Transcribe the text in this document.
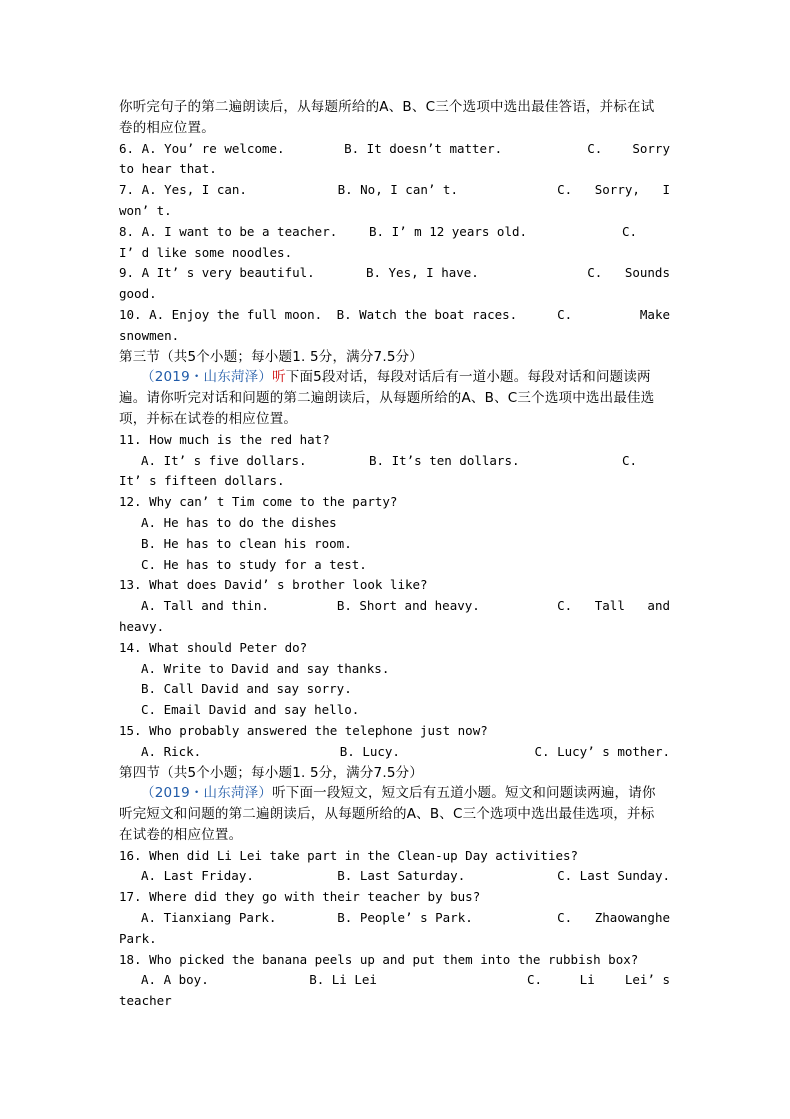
你听完句子的第二遍朗读后，从每题所给的A、B、C三个选项中选出最佳答语，并标在试
卷的相应位置。
6. A. You’ re welcome.	B. It doesn’t matter.	C.    Sorry
to hear that.
7. A. Yes, I can.	B. No, I can’ t.	C.   Sorry,   I
won’ t.
8. A. I want to be a teacher.	B. I’ m 12 years old.	C.
I’ d like some noodles.
9. A It’ s very beautiful.	B. Yes, I have.	C.   Sounds
good.
10. A. Enjoy the full moon.	B. Watch the boat races.	C.         Make
snowmen.
第三节（共5个小题；每小题1. 5分，满分7.5分）
（2019・山东菏泽）听下面5段对话，每段对话后有一道小题。每段对话和问题读两
遍。请你听完对话和问题的第二遍朗读后，从每题所给的A、B、C三个选项中选出最佳选
项，并标在试卷的相应位置。
11. How much is the red hat?
A. It’ s five dollars.	B. It’s ten dollars.	C.
It’ s fifteen dollars.
12. Why can’ t Tim come to the party?
A. He has to do the dishes
B. He has to clean his room.
C. He has to study for a test.
13. What does David’ s brother look like?
A. Tall and thin.	B. Short and heavy.	C.   Tall   and
heavy.
14. What should Peter do?
A. Write to David and say thanks.
B. Call David and say sorry.
C. Email David and say hello.
15. Who probably answered the telephone just now?
A. Rick.	B. Lucy.	C. Lucy’ s mother.
第四节（共5个小题；每小题1. 5分，满分7.5分）
（2019・山东菏泽）听下面一段短文，短文后有五道小题。短文和问题读两遍，请你
听完短文和问题的第二遍朗读后，从每题所给的A、B、C三个选项中选出最佳选项，并标
在试卷的相应位置。
16. When did Li Lei take part in the Clean-up Day activities?
A. Last Friday.	B. Last Saturday.	C. Last Sunday.
17. Where did they go with their teacher by bus?
A. Tianxiang Park.	B. People’ s Park.	C.   Zhaowanghe
Park.
18. Who picked the banana peels up and put them into the rubbish box?
A. A boy.	B. Li Lei	C.     Li    Lei’ s
teacher
